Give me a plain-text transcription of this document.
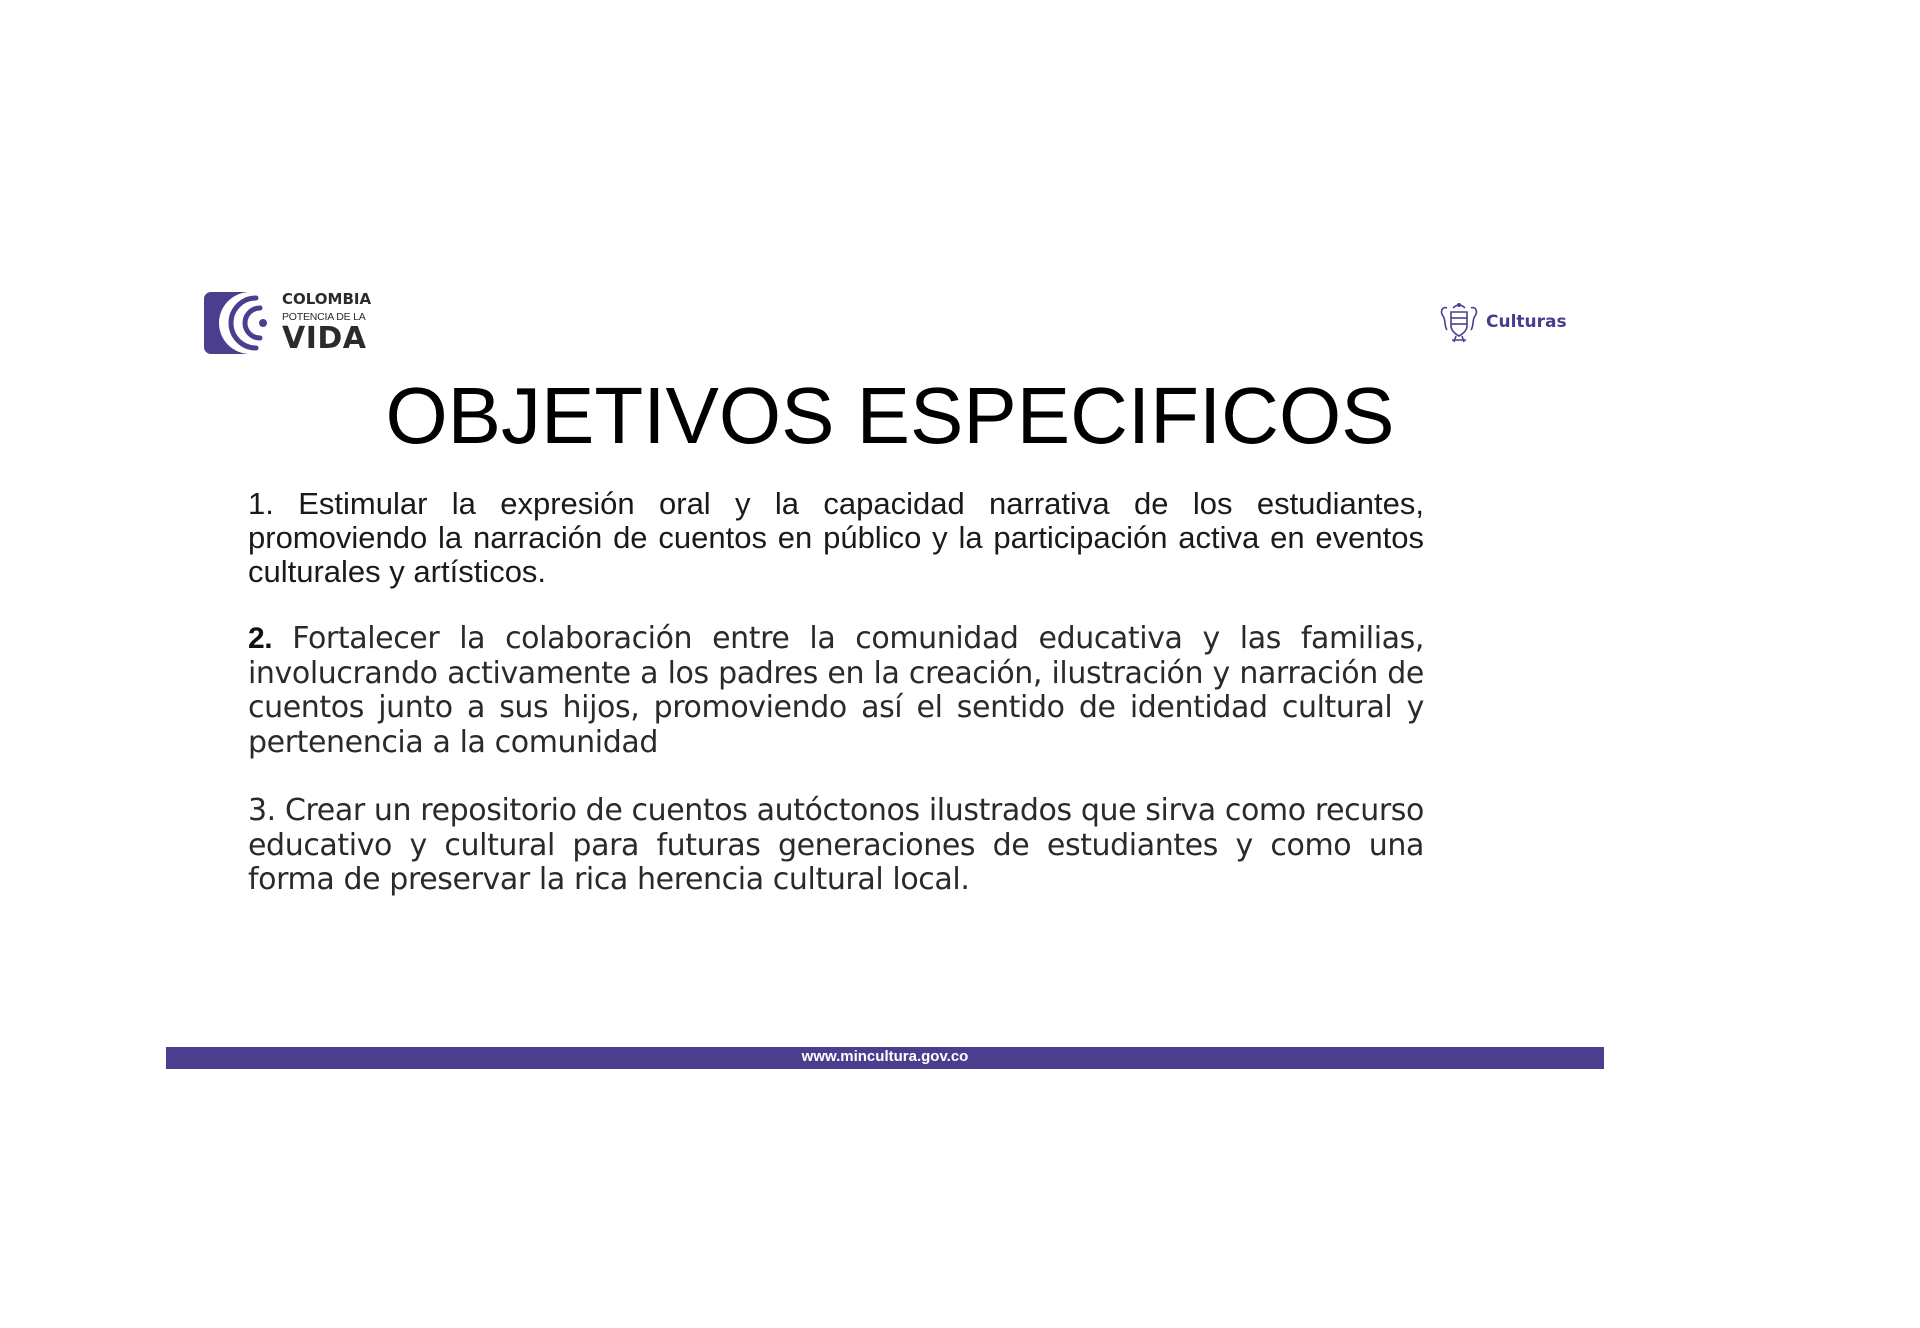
COLOMBIA
POTENCIA DE LA
VIDA	Culturas
OBJETIVOS ESPECIFICOS

1. Estimular la expresión oral y la capacidad narrativa de los estudiantes, promoviendo la narración de cuentos en público y la participación activa en eventos culturales y artísticos.

2. Fortalecer la colaboración entre la comunidad educativa y las familias, involucrando activamente a los padres en la creación, ilustración y narración de cuentos junto a sus hijos, promoviendo así el sentido de identidad cultural y pertenencia a la comunidad

3. Crear un repositorio de cuentos autóctonos ilustrados que sirva como recurso educativo y cultural para futuras generaciones de estudiantes y como una forma de preservar la rica herencia cultural local.

www.mincultura.gov.co
